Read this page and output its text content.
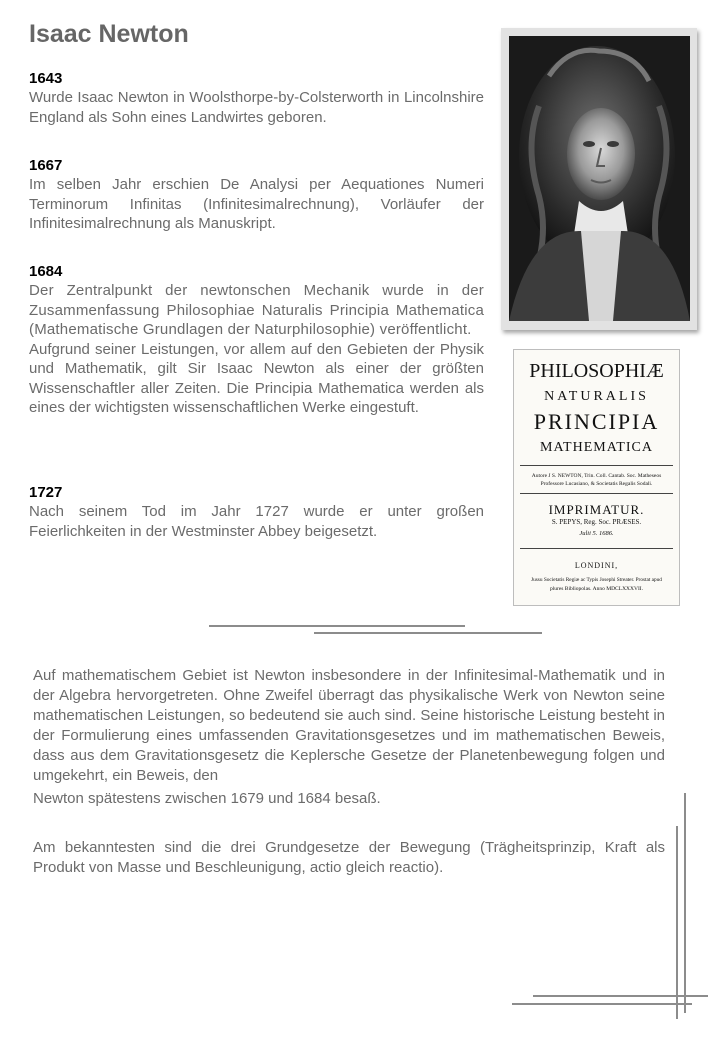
Isaac Newton
1643

Wurde Isaac Newton in Woolsthorpe-by-Colsterworth in Lincolnshire England als Sohn eines Landwirtes geboren.

1667

Im selben Jahr erschien De Analysi per Aequationes Numeri Terminorum Infinitas (Infinitesimalrechnung), Vorläufer der Infinitesimalrechnung als Manuskript.

1684

Der Zentralpunkt der newtonschen Mechanik wurde in der Zusammenfassung Philosophiae Naturalis Principia Mathematica (Mathematische Grundlagen der Naturphilosophie) veröffentlicht.

Aufgrund seiner Leistungen, vor allem auf den Gebieten der Physik und Mathematik, gilt Sir Isaac Newton als einer der größten Wissenschaftler aller Zeiten. Die Principia Mathematica werden als eines der wichtigsten wissenschaftlichen Werke eingestuft.

1727

Nach seinem Tod im Jahr 1727 wurde er unter großen Feierlichkeiten in der Westminster Abbey beigesetzt.

PHILOSOPHIÆ
NATURALIS
PRINCIPIA
MATHEMATICA
Autore J S. NEWTON, Trin. Coll. Cantab. Soc. Matheseos
Professore Lucasiano, & Societatis Regalis Sodali.
IMPRIMATUR.
S. PEPYS, Reg. Soc. PRÆSES.
Julii 5. 1686.
LONDINI,
Jussu Societatis Regiæ ac Typis Josephi Streater. Prostat apud
plures Bibliopolas. Anno MDCLXXXVII.

Auf mathematischem Gebiet ist Newton insbesondere in der Infinitesimal-Mathematik und in der Algebra hervorgetreten. Ohne Zweifel überragt das physikalische Werk von Newton seine mathematischen Leistungen, so bedeutend sie auch sind. Seine historische Leistung besteht in der Formulierung eines umfassenden Gravitationsgesetzes und im mathematischen Beweis, dass aus dem Gravitationsgesetz die Keplersche Gesetze der Planetenbewegung folgen und umgekehrt, ein Beweis, den

Newton spätestens zwischen 1679 und 1684 besaß.

Am bekanntesten sind die drei Grundgesetze der Bewegung (Trägheitsprinzip, Kraft als Produkt von Masse und Beschleunigung, actio gleich reactio).
